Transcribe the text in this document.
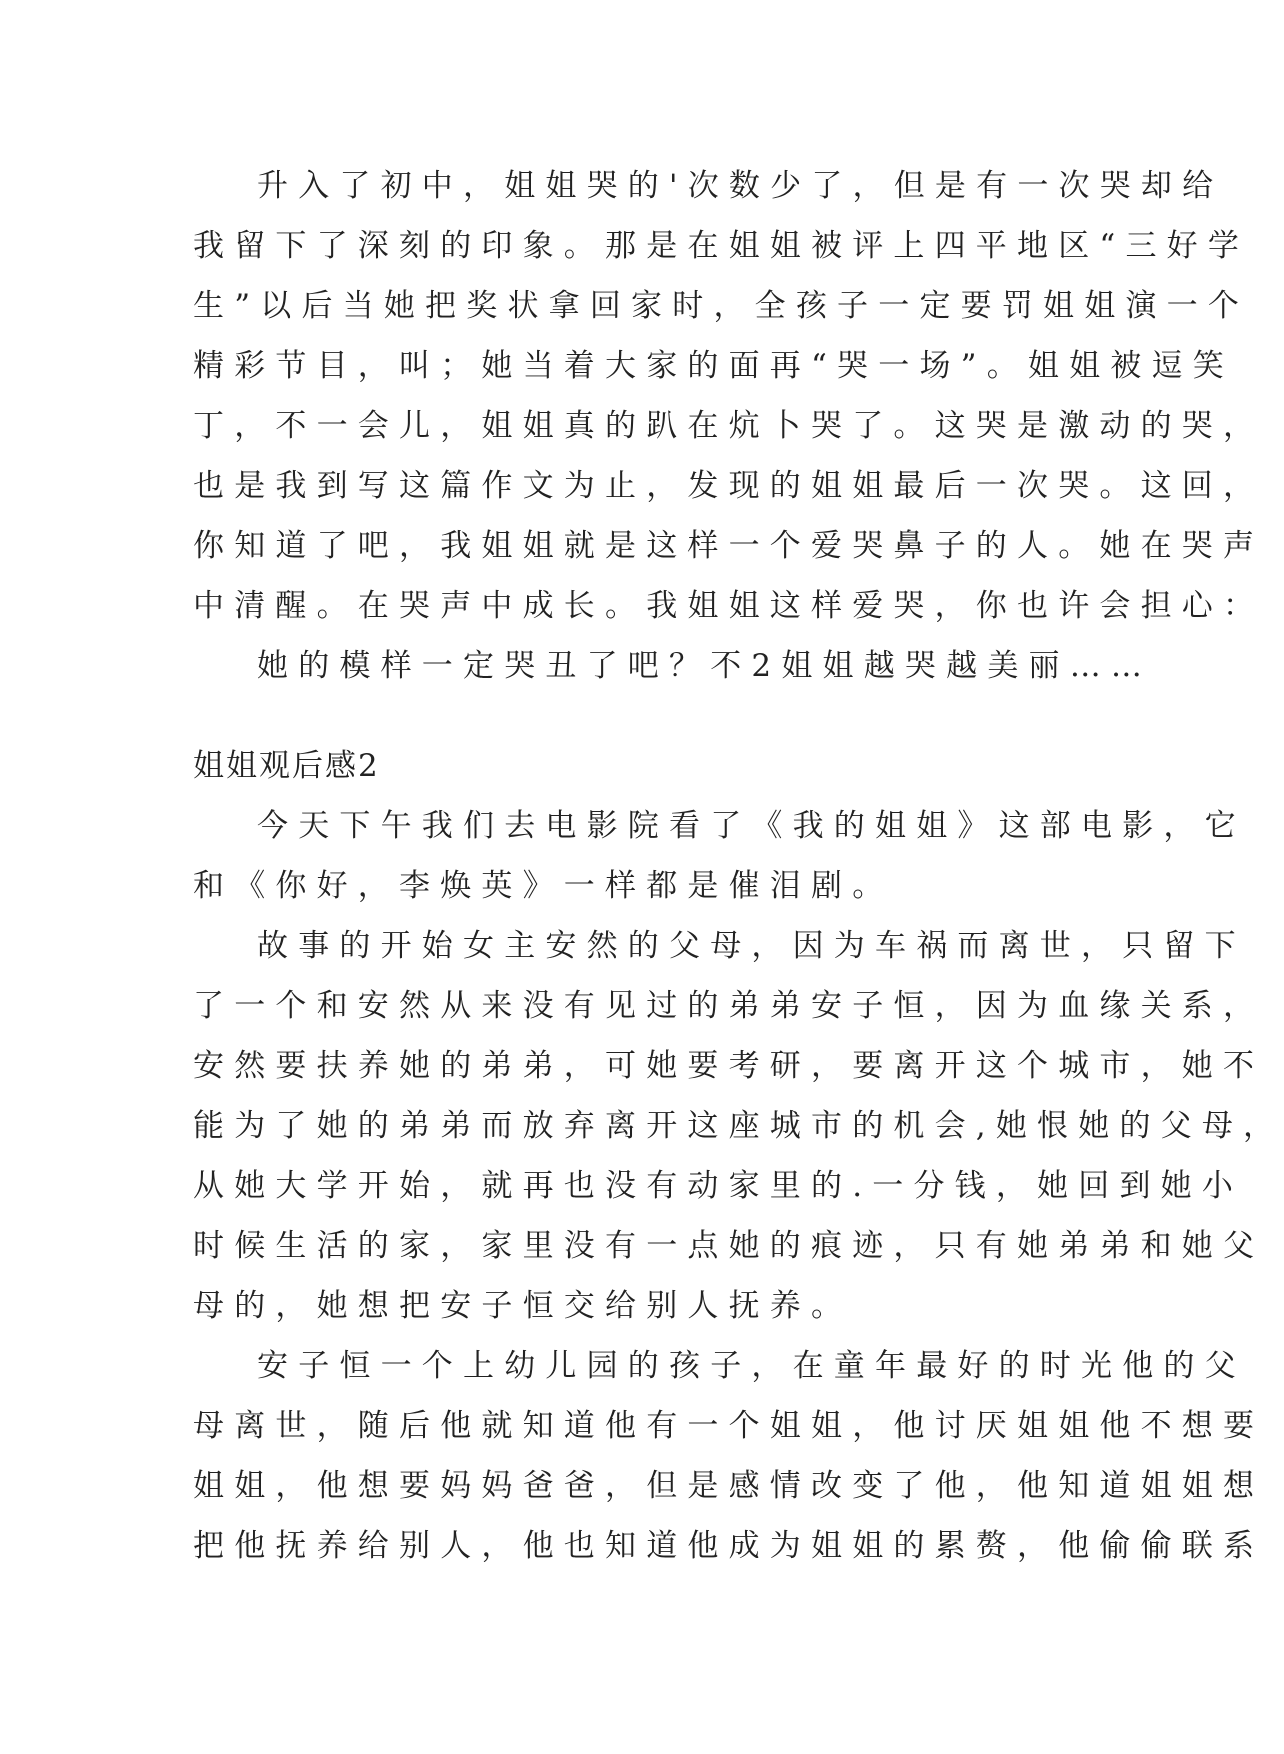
升入了初中，姐姐哭的'次数少了，但是有一次哭却给
我留下了深刻的印象。那是在姐姐被评上四平地区“三好学
生”以后当她把奖状拿回家时，全孩子一定要罚姐姐演一个
精彩节目，叫；她当着大家的面再“哭一场”。姐姐被逗笑
丁，不一会儿，姐姐真的趴在炕卜哭了。这哭是激动的哭，
也是我到写这篇作文为止，发现的姐姐最后一次哭。这回，
你知道了吧，我姐姐就是这样一个爱哭鼻子的人。她在哭声
中清醒。在哭声中成长。我姐姐这样爱哭，你也许会担心：
她的模样一定哭丑了吧？不2姐姐越哭越美丽……
姐姐观后感2
今天下午我们去电影院看了《我的姐姐》这部电影，它
和《你好，李焕英》一样都是催泪剧。
故事的开始女主安然的父母，因为车祸而离世，只留下
了一个和安然从来没有见过的弟弟安子恒，因为血缘关系，
安然要扶养她的弟弟，可她要考研，要离开这个城市，她不
能为了她的弟弟而放弃离开这座城市的机会,她恨她的父母，
从她大学开始，就再也没有动家里的.一分钱，她回到她小
时候生活的家，家里没有一点她的痕迹，只有她弟弟和她父
母的，她想把安子恒交给别人抚养。
安子恒一个上幼儿园的孩子，在童年最好的时光他的父
母离世，随后他就知道他有一个姐姐，他讨厌姐姐他不想要
姐姐，他想要妈妈爸爸，但是感情改变了他，他知道姐姐想
把他抚养给别人，他也知道他成为姐姐的累赘，他偷偷联系
